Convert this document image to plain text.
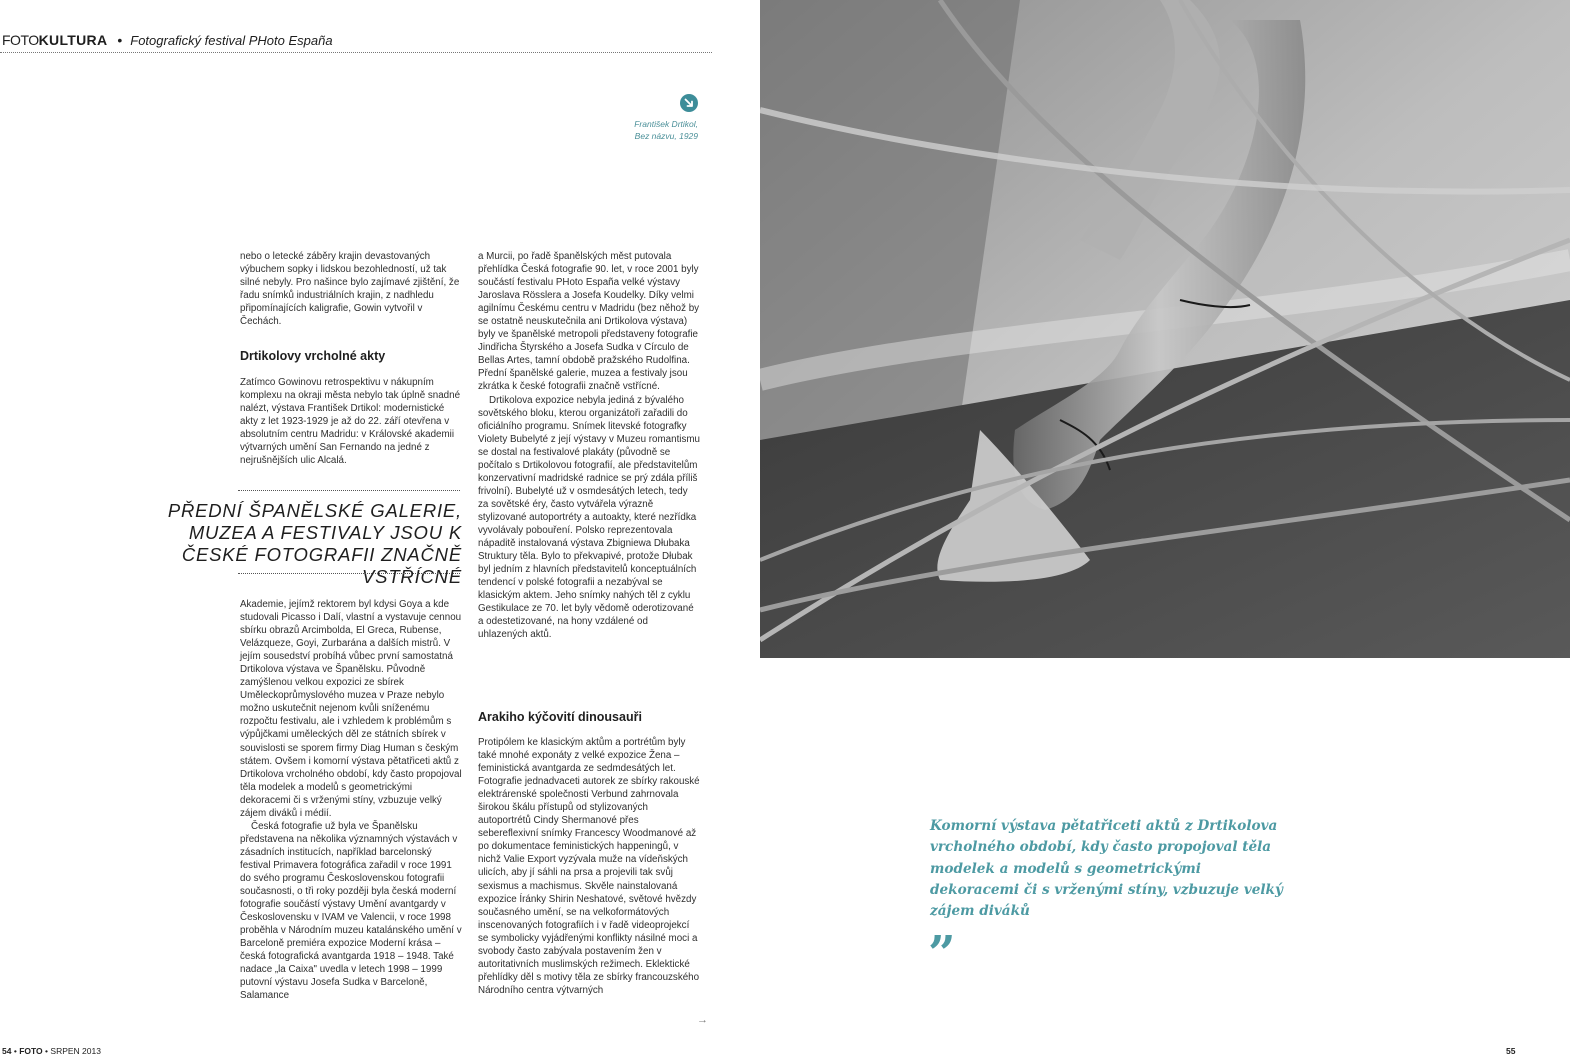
FOTOKULTURA • Fotografický festival PHoto España
František Drtikol,
Bez názvu, 1929

nebo o letecké záběry krajin devastovaných výbuchem sopky i lidskou bezohledností, už tak silné nebyly. Pro našince bylo zajímavé zjištění, že řadu snímků industriálních krajin, z nadhledu připomínajících kaligrafie, Gowin vytvořil v Čechách.

Drtikolovy vrcholné akty

Zatímco Gowinovu retrospektivu v nákupním komplexu na okraji města nebylo tak úplně snadné nalézt, výstava František Drtikol: modernistické akty z let 1923-1929 je až do 22. září otevřena v absolutním centru Madridu: v Královské akademii výtvarných umění San Fernando na jedné z nejrušnějších ulic Alcalá.

PŘEDNÍ ŠPANĚLSKÉ GALERIE, MUZEA A FESTIVALY JSOU K ČESKÉ FOTOGRAFII ZNAČNĚ VSTŘÍCNÉ

Akademie, jejímž rektorem byl kdysi Goya a kde studovali Picasso i Dalí, vlastní a vystavuje cennou sbírku obrazů Arcimbolda, El Greca, Rubense, Velázqueze, Goyi, Zurbarána a dalších mistrů. V jejím sousedství probíhá vůbec první samostatná Drtikolova výstava ve Španělsku. Původně zamýšlenou velkou expozici ze sbírek Uměleckoprůmyslového muzea v Praze nebylo možno uskutečnit nejenom kvůli sníženému rozpočtu festivalu, ale i vzhledem k problémům s výpůjčkami uměleckých děl ze státních sbírek v souvislosti se sporem firmy Diag Human s českým státem. Ovšem i komorní výstava pětatřiceti aktů z Drtikolova vrcholného období, kdy často propojoval těla modelek a modelů s geometrickými dekoracemi či s vrženými stíny, vzbuzuje velký zájem diváků i médií.

Česká fotografie už byla ve Španělsku představena na několika významných výstavách v zásadních institucích, například barcelonský festival Primavera fotográfica zařadil v roce 1991 do svého programu Československou fotografii současnosti, o tři roky později byla česká moderní fotografie součástí výstavy Umění avantgardy v Československu v IVAM ve Valencii, v roce 1998 proběhla v Národním muzeu katalánského umění v Barceloně premiéra expozice Moderní krása – česká fotografická avantgarda 1918 – 1948. Také nadace „la Caixa" uvedla v letech 1998 – 1999 putovní výstavu Josefa Sudka v Barceloně, Salamance

a Murcii, po řadě španělských měst putovala přehlídka Česká fotografie 90. let, v roce 2001 byly součástí festivalu PHoto España velké výstavy Jaroslava Rösslera a Josefa Koudelky. Díky velmi agilnímu Českému centru v Madridu (bez něhož by se ostatně neuskutečnila ani Drtikolova výstava) byly ve španělské metropoli představeny fotografie Jindřicha Štyrského a Josefa Sudka v Círculo de Bellas Artes, tamní obdobě pražského Rudolfina. Přední španělské galerie, muzea a festivaly jsou zkrátka k české fotografii značně vstřícné.

Drtikolova expozice nebyla jediná z bývalého sovětského bloku, kterou organizátoři zařadili do oficiálního programu. Snímek litevské fotografky Violety Bubelyté z její výstavy v Muzeu romantismu se dostal na festivalové plakáty (původně se počítalo s Drtikolovou fotografií, ale představitelům konzervativní madridské radnice se prý zdála příliš frivolní). Bubelyté už v osmdesátých letech, tedy za sovětské éry, často vytvářela výrazně stylizované autoportréty a autoakty, které nezřídka vyvolávaly pobouření. Polsko reprezentovala nápaditě instalovaná výstava Zbigniewa Dłubaka Struktury těla. Bylo to překvapivé, protože Dłubak byl jedním z hlavních představitelů konceptuálních tendencí v polské fotografii a nezabýval se klasickým aktem. Jeho snímky nahých těl z cyklu Gestikulace ze 70. let byly vědomě oderotizované a odestetizované, na hony vzdálené od uhlazených aktů.

Arakiho kýčovití dinousauři

Protipólem ke klasickým aktům a portrétům byly také mnohé exponáty z velké expozice Žena – feministická avantgarda ze sedmdesátých let. Fotografie jednadvaceti autorek ze sbírky rakouské elektrárenské společnosti Verbund zahrnovala širokou škálu přístupů od stylizovaných autoportrétů Cindy Shermanové přes sebereflexivní snímky Francescy Woodmanové až po dokumentace feministických happeningů, v nichž Valie Export vyzývala muže na vídeňských ulicích, aby jí sáhli na prsa a projevili tak svůj sexismus a machismus. Skvěle nainstalovaná expozice Íránky Shirin Neshatové, světové hvězdy současného umění, se na velkoformátových inscenovaných fotografiích i v řadě videoprojekcí se symbolicky vyjádřenými konflikty násilné moci a svobody často zabývala postavením žen v autoritativních muslimských režimech. Eklektické přehlídky děl s motivy těla ze sbírky francouzského Národního centra výtvarných

→
54 • FOTO • SRPEN 2013	55
Komorní výstava pětatřiceti aktů z Drtikolova vrcholného období, kdy často propojoval těla modelek a modelů s geometrickými dekoracemi či s vrženými stíny, vzbuzuje velký zájem diváků
”
